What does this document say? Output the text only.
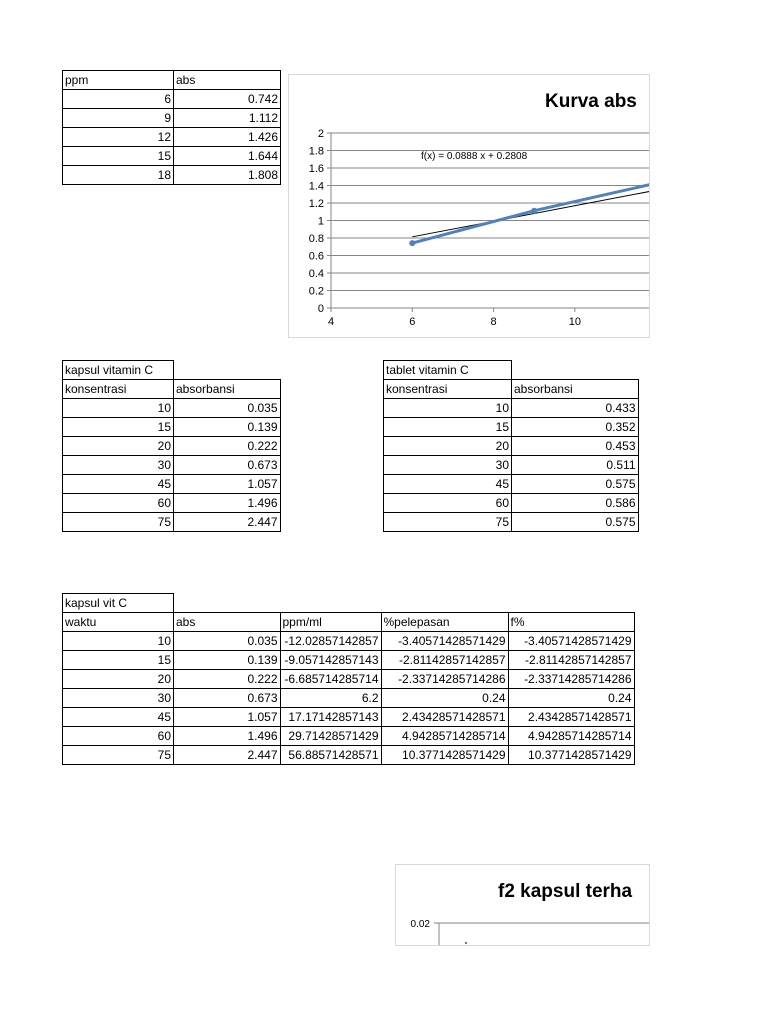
ppm	abs
6	0.742
9	1.112
12	1.426
15	1.644
18	1.808
Kurva abs
2
1.8
1.6
1.4
1.2
1
0.8
0.6
0.4
0.2
0
4	6	8	10
f(x) = 0.0888 x + 0.2808
kapsul vitamin C	
konsentrasi	absorbansi
10	0.035
15	0.139
20	0.222
30	0.673
45	1.057
60	1.496
75	2.447
tablet vitamin C	
konsentrasi	absorbansi
10	0.433
15	0.352
20	0.453
30	0.511
45	0.575
60	0.586
75	0.575
kapsul vit C				
waktu	abs	ppm/ml	%pelepasan	f%
10	0.035	-12.02857142857	-3.40571428571429	-3.40571428571429
15	0.139	-9.057142857143	-2.81142857142857	-2.81142857142857
20	0.222	-6.685714285714	-2.33714285714286	-2.33714285714286
30	0.673	6.2	0.24	0.24
45	1.057	17.17142857143	2.43428571428571	2.43428571428571
60	1.496	29.71428571429	4.94285714285714	4.94285714285714
75	2.447	56.88571428571	10.3771428571429	10.3771428571429
f2 kapsul terha
0.02
